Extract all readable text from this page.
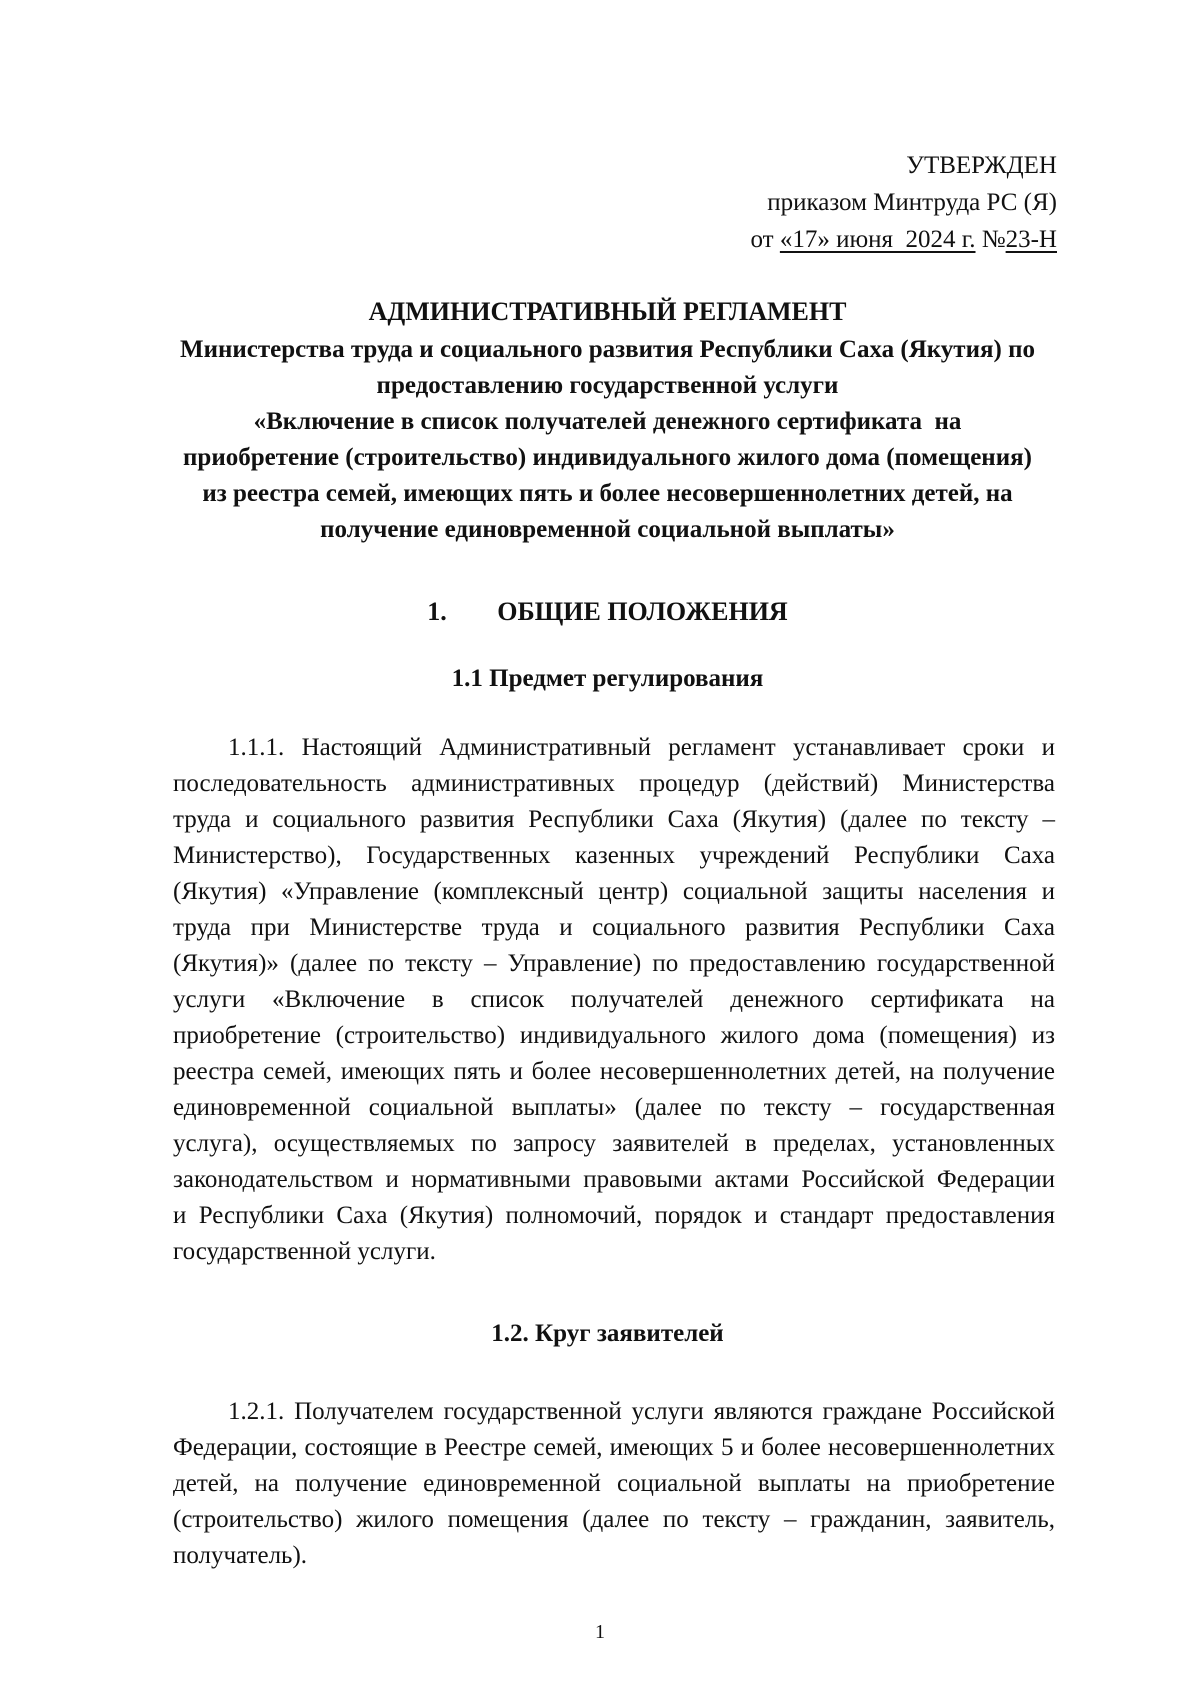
УТВЕРЖДЕН
приказом Минтруда РС (Я)
от «17» июня  2024 г. №23-Н
АДМИНИСТРАТИВНЫЙ РЕГЛАМЕНТ
Министерства труда и социального развития Республики Саха (Якутия) по
предоставлению государственной услуги
«Включение в список получателей денежного сертификата  на
приобретение (строительство) индивидуального жилого дома (помещения)
из реестра семей, имеющих пять и более несовершеннолетних детей, на
получение единовременной социальной выплаты»
1. ОБЩИЕ ПОЛОЖЕНИЯ
1.1 Предмет регулирования
1.1.1. Настоящий Административный регламент устанавливает сроки и
последовательность административных процедур (действий) Министерства
труда и социального развития Республики Саха (Якутия) (далее по тексту –
Министерство), Государственных казенных учреждений Республики Саха
(Якутия) «Управление (комплексный центр) социальной защиты населения и
труда при Министерстве труда и социального развития Республики Саха
(Якутия)» (далее по тексту – Управление) по предоставлению государственной
услуги «Включение в список получателей денежного сертификата на
приобретение (строительство) индивидуального жилого дома (помещения) из
реестра семей, имеющих пять и более несовершеннолетних детей, на получение
единовременной социальной выплаты» (далее по тексту – государственная
услуга), осуществляемых по запросу заявителей в пределах, установленных
законодательством и нормативными правовыми актами Российской Федерации
и Республики Саха (Якутия) полномочий, порядок и стандарт предоставления
государственной услуги.
1.2. Круг заявителей
1.2.1. Получателем государственной услуги являются граждане Российской
Федерации, состоящие в Реестре семей, имеющих 5 и более несовершеннолетних
детей, на получение единовременной социальной выплаты на приобретение
(строительство) жилого помещения (далее по тексту – гражданин, заявитель,
получатель).
1
